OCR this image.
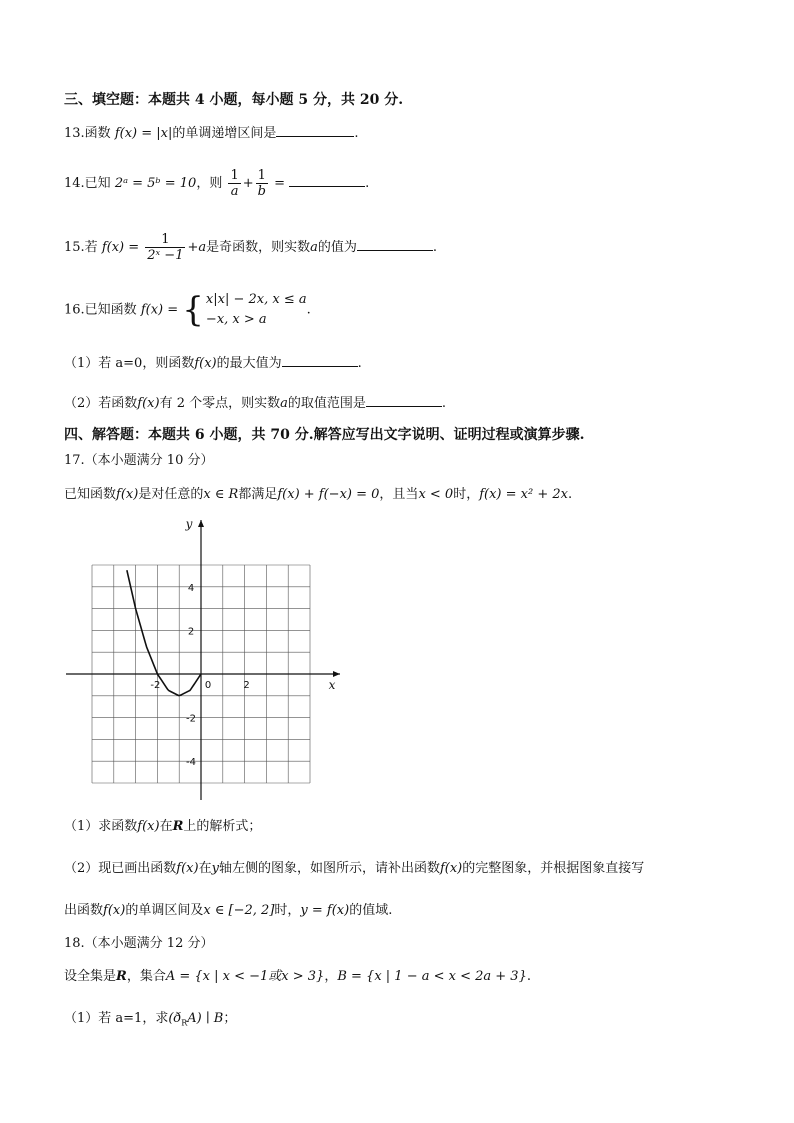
三、填空题：本题共 4 小题，每小题 5 分，共 20 分.
13.函数 f(x) = |x|的单调递增区间是	.
14.已知 2ᵃ = 5ᵇ = 10，则 $\frac{1}{a} + \frac{1}{b}$ =	.
15.若 $f(x) = \frac{1}{\text{2ˣ −1}} +a$是奇函数，则实数a的值为	.
16.已知函数 f(x) = { x|x| − 2x, x ≤ a
−x, x > a
.
（1）若 a=0，则函数f(x)的最大值为	.
（2）若函数f(x)有 2 个零点，则实数a的取值范围是	.
四、解答题：本题共 6 小题，共 70 分.解答应写出文字说明、证明过程或演算步骤.
17.（本小题满分 10 分）
已知函数f(x)是对任意的x ∈ R都满足f(x) + f(−x) = 0，且当x < 0时，f(x) = x² + 2x.
x
y
0
-2	2
4
2
-2
-4
（1）求函数f(x)在R上的解析式；
（2）现已画出函数f(x)在y轴左侧的图象，如图所示，请补出函数f(x)的完整图象，并根据图象直接写
出函数f(x)的单调区间及x ∈ [−2, 2]时，y = f(x)的值域.
18.（本小题满分 12 分）
设全集是R，集合A = {x | x < −1或x > 3}，B = {x | 1 − a < x < 2a + 3}.
（1）若 a=1，求$(ð_RA)$ ∣ B；
